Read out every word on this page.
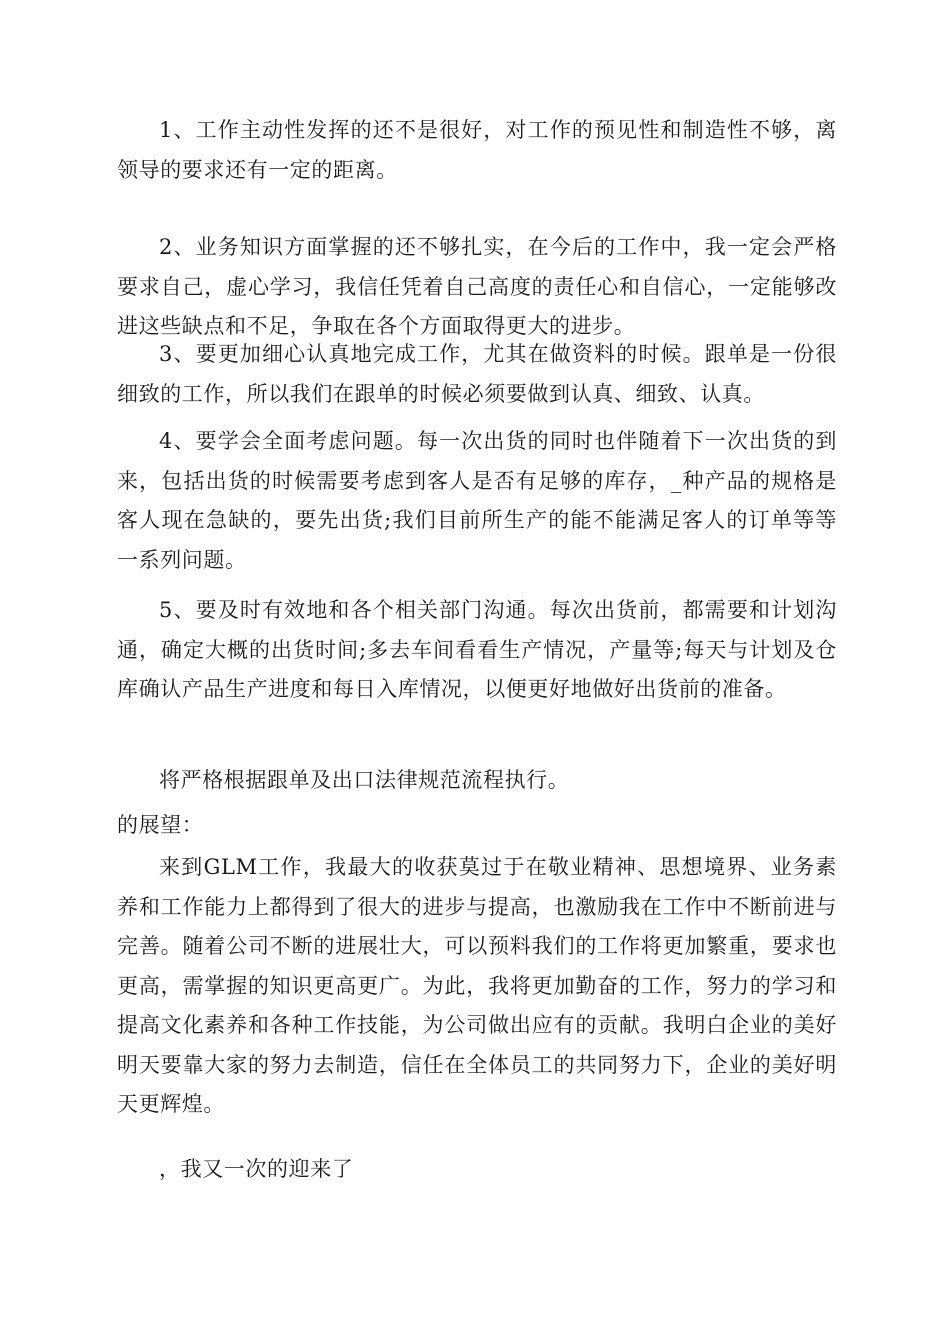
1、工作主动性发挥的还不是很好，对工作的预见性和制造性不够，离领导的要求还有一定的距离。

2、业务知识方面掌握的还不够扎实，在今后的工作中，我一定会严格要求自己，虚心学习，我信任凭着自己高度的责任心和自信心，一定能够改进这些缺点和不足，争取在各个方面取得更大的进步。

3、要更加细心认真地完成工作，尤其在做资料的时候。跟单是一份很细致的工作，所以我们在跟单的时候必须要做到认真、细致、认真。

4、要学会全面考虑问题。每一次出货的同时也伴随着下一次出货的到来，包括出货的时候需要考虑到客人是否有足够的库存，_种产品的规格是客人现在急缺的，要先出货;我们目前所生产的能不能满足客人的订单等等一系列问题。

5、要及时有效地和各个相关部门沟通。每次出货前，都需要和计划沟通，确定大概的出货时间;多去车间看看生产情况，产量等;每天与计划及仓库确认产品生产进度和每日入库情况，以便更好地做好出货前的准备。

将严格根据跟单及出口法律规范流程执行。

的展望：

来到GLM工作，我最大的收获莫过于在敬业精神、思想境界、业务素养和工作能力上都得到了很大的进步与提高，也激励我在工作中不断前进与完善。随着公司不断的进展壮大，可以预料我们的工作将更加繁重，要求也更高，需掌握的知识更高更广。为此，我将更加勤奋的工作，努力的学习和提高文化素养和各种工作技能，为公司做出应有的贡献。我明白企业的美好明天要靠大家的努力去制造，信任在全体员工的共同努力下，企业的美好明天更辉煌。

，我又一次的迎来了
